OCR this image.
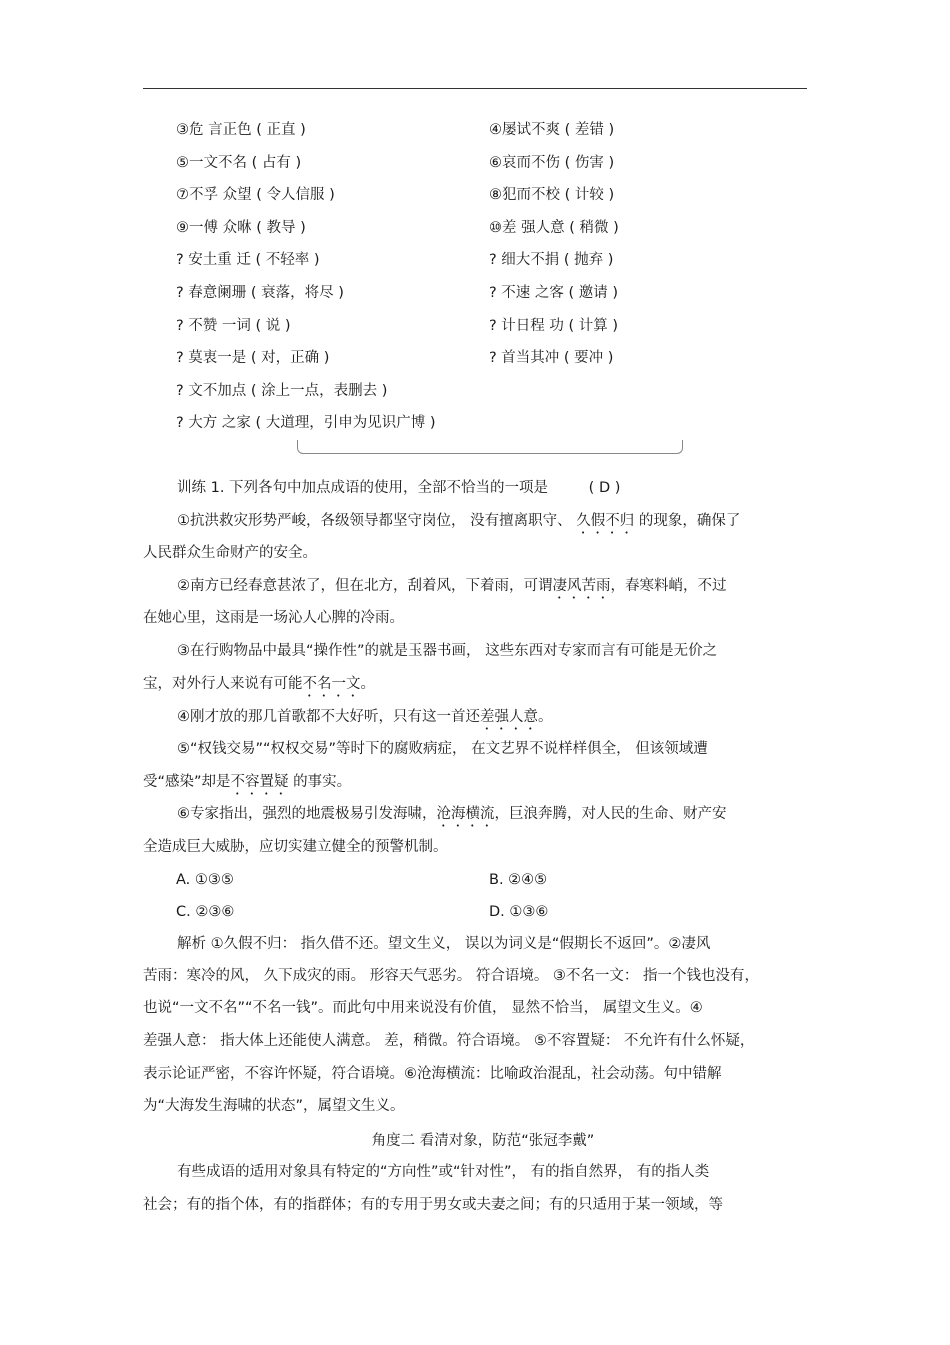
③危 言正色 ( 正直 )	④屡试不爽 ( 差错 )
⑤一文不名 ( 占有 )	⑥哀而不伤 ( 伤害 )
⑦不孚 众望 ( 令人信服 )	⑧犯而不校 ( 计较 )
⑨一傅 众咻 ( 教导 )	⑩差 强人意 ( 稍微 )
? 安土重 迁 ( 不轻率 )	? 细大不捐 ( 抛弃 )
? 春意阑珊 ( 衰落，将尽 )	? 不速 之客 ( 邀请 )
? 不赞 一词 ( 说 )	? 计日程 功 ( 计算 )
? 莫衷一是 ( 对，正确 )	? 首当其冲 ( 要冲 )
? 文不加点 ( 涂上一点，表删去 )
? 大方 之家 ( 大道理，引申为见识广博 )
训练 1. 下列各句中加点成语的使用，全部不恰当的一项是	( D )
①抗洪救灾形势严峻，各级领导都坚守岗位， 没有擅离职守、 久假不归 的现象，确保了
人民群众生命财产的安全。
②南方已经春意甚浓了，但在北方，刮着风，下着雨，可谓凄风苦雨，春寒料峭，不过
在她心里，这雨是一场沁人心脾的冷雨。
③在行购物品中最具“操作性”的就是玉器书画， 这些东西对专家而言有可能是无价之
宝，对外行人来说有可能不名一文。
④刚才放的那几首歌都不大好听，只有这一首还差强人意。
⑤“权钱交易”“权权交易”等时下的腐败病症， 在文艺界不说样样俱全， 但该领域遭
受“感染”却是不容置疑 的事实。
⑥专家指出，强烈的地震极易引发海啸，沧海横流，巨浪奔腾，对人民的生命、财产安
全造成巨大威胁，应切实建立健全的预警机制。
A. ①③⑤	B. ②④⑤
C. ②③⑥	D. ①③⑥
解析 ①久假不归： 指久借不还。望文生义， 误以为词义是“假期长不返回”。②凄风
苦雨：寒冷的风， 久下成灾的雨。 形容天气恶劣。 符合语境。 ③不名一文： 指一个钱也没有，
也说“一文不名”“不名一钱”。而此句中用来说没有价值， 显然不恰当， 属望文生义。④
差强人意： 指大体上还能使人满意。 差，稍微。符合语境。 ⑤不容置疑： 不允许有什么怀疑，
表示论证严密，不容许怀疑，符合语境。⑥沧海横流：比喻政治混乱，社会动荡。句中错解
为“大海发生海啸的状态”，属望文生义。
角度二 看清对象，防范“张冠李戴”
有些成语的适用对象具有特定的“方向性”或“针对性”， 有的指自然界， 有的指人类
社会；有的指个体，有的指群体；有的专用于男女或夫妻之间；有的只适用于某一领域，等
